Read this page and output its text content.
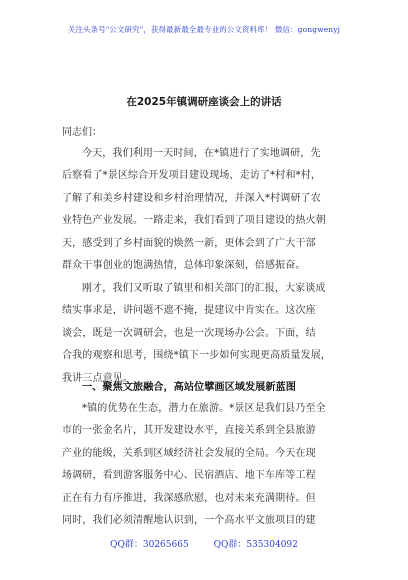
关注头条号"公文研究"，获得最新最全最专业的公文资料库！ 微信：gongwenyj
在2025年镇调研座谈会上的讲话
同志们：
今天，我们利用一天时间，在*镇进行了实地调研，先
后察看了*景区综合开发项目建设现场，走访了*村和*村，
了解了和美乡村建设和乡村治理情况，并深入*村调研了农
业特色产业发展。一路走来，我们看到了项目建设的热火朝
天，感受到了乡村面貌的焕然一新，更体会到了广大干部
群众干事创业的饱满热情，总体印象深刻，倍感振奋。
刚才，我们又听取了镇里和相关部门的汇报，大家谈成
绩实事求是，讲问题不遮不掩，提建议中肯实在。这次座
谈会，既是一次调研会，也是一次现场办公会。下面，结
合我的观察和思考，围绕*镇下一步如何实现更高质量发展，
我讲三点意见。
一、聚焦文旅融合，高站位擘画区域发展新蓝图
*镇的优势在生态，潜力在旅游。*景区是我们县乃至全
市的一张金名片，其开发建设水平，直接关系到全县旅游
产业的能级，关系到区域经济社会发展的全局。今天在现
场调研，看到游客服务中心、民宿酒店、地下车库等工程
正在有力有序推进，我深感欣慰，也对未来充满期待。但
同时，我们必须清醒地认识到，一个高水平文旅项目的建
QQ群：30265665	QQ群：535304092
